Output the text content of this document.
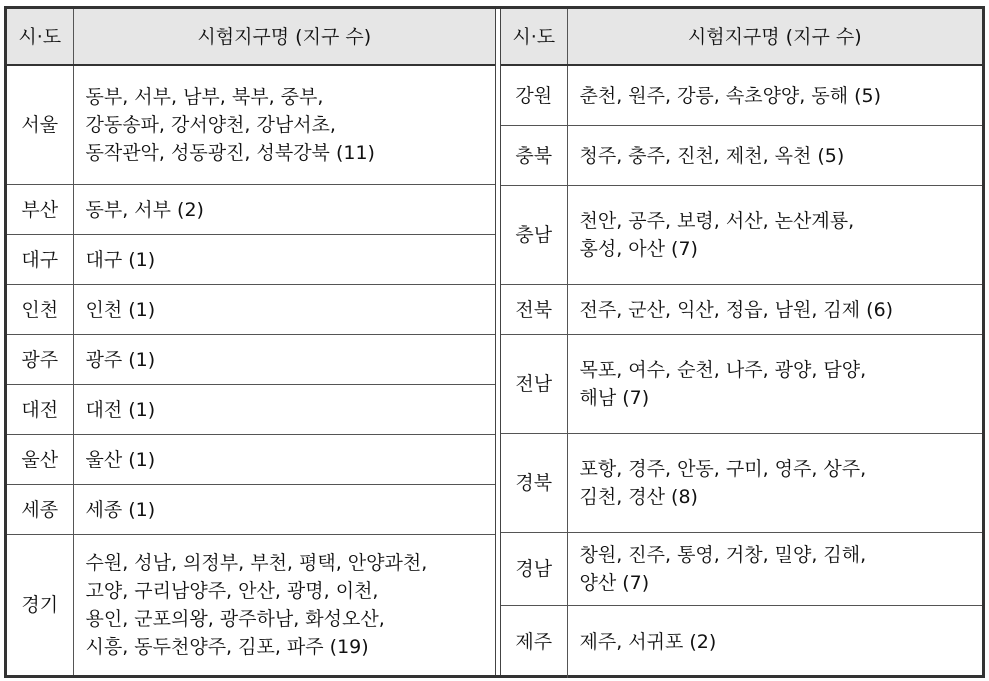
시·도	시험지구명 (지구 수)
서울	동부, 서부, 남부, 북부, 중부,
강동송파, 강서양천, 강남서초,
동작관악, 성동광진, 성북강북 (11)

부산	동부, 서부 (2)

대구	대구 (1)

인천	인천 (1)

광주	광주 (1)

대전	대전 (1)

울산	울산 (1)

세종	세종 (1)

경기	수원, 성남, 의정부, 부천, 평택, 안양과천,
고양, 구리남양주, 안산, 광명, 이천,
용인, 군포의왕, 광주하남, 화성오산,
시흥, 동두천양주, 김포, 파주 (19)
시·도	시험지구명 (지구 수)
강원	춘천, 원주, 강릉, 속초양양, 동해 (5)

충북	청주, 충주, 진천, 제천, 옥천 (5)

충남	천안, 공주, 보령, 서산, 논산계룡,
홍성, 아산 (7)

전북	전주, 군산, 익산, 정읍, 남원, 김제 (6)

전남	목포, 여수, 순천, 나주, 광양, 담양,
해남 (7)

경북	포항, 경주, 안동, 구미, 영주, 상주,
김천, 경산 (8)

경남	창원, 진주, 통영, 거창, 밀양, 김해,
양산 (7)

제주	제주, 서귀포 (2)
